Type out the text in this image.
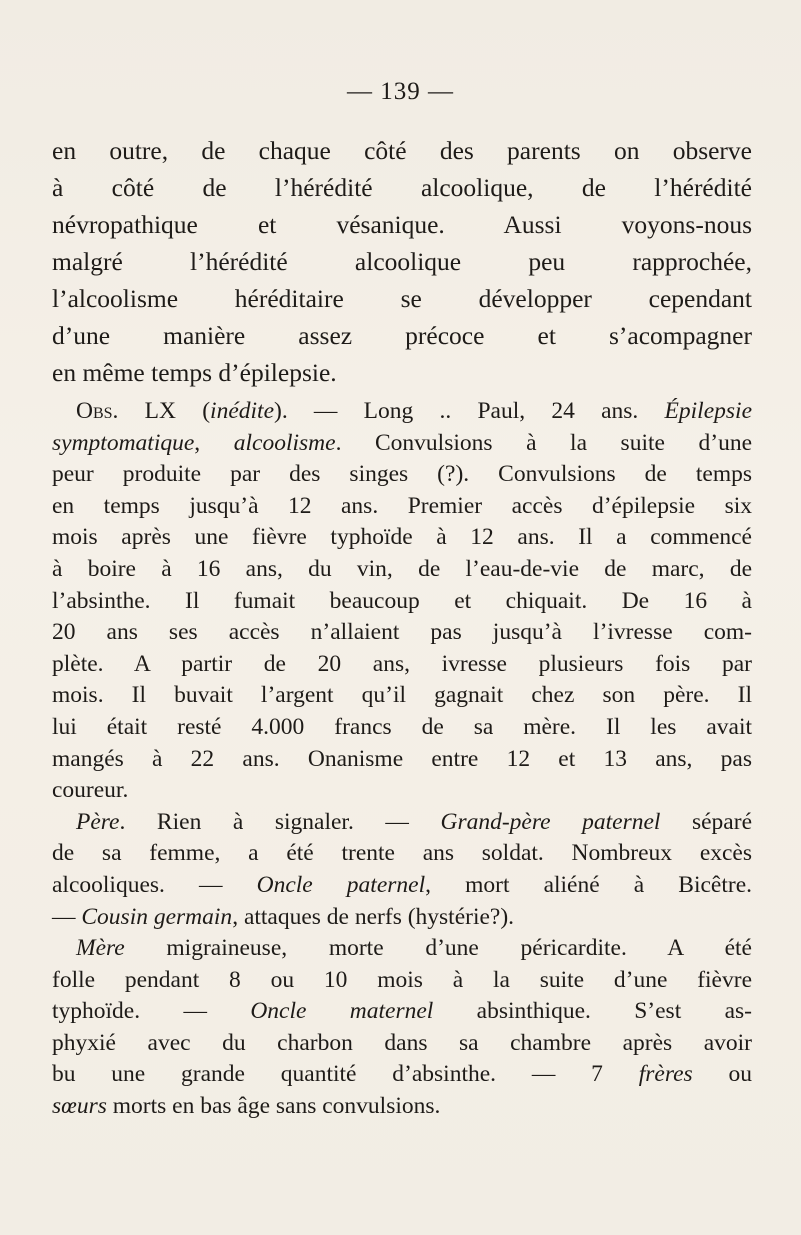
— 139 —
en outre, de chaque côté des parents on observe
à côté de l’hérédité alcoolique, de l’hérédité
névropathique et vésanique. Aussi voyons-nous
malgré l’hérédité alcoolique peu rapprochée,
l’alcoolisme héréditaire se développer cependant
d’une manière assez précoce et s’acompagner
en même temps d’épilepsie.
Obs. LX (inédite). — Long .. Paul, 24 ans. Épilepsie
symptomatique, alcoolisme. Convulsions à la suite d’une
peur produite par des singes (?). Convulsions de temps
en temps jusqu’à 12 ans. Premier accès d’épilepsie six
mois après une fièvre typhoïde à 12 ans. Il a commencé
à boire à 16 ans, du vin, de l’eau-de-vie de marc, de
l’absinthe. Il fumait beaucoup et chiquait. De 16 à
20 ans ses accès n’allaient pas jusqu’à l’ivresse com-
plète. A partir de 20 ans, ivresse plusieurs fois par
mois. Il buvait l’argent qu’il gagnait chez son père. Il
lui était resté 4.000 francs de sa mère. Il les avait
mangés à 22 ans. Onanisme entre 12 et 13 ans, pas
coureur.
Père. Rien à signaler. — Grand-père paternel séparé
de sa femme, a été trente ans soldat. Nombreux excès
alcooliques. — Oncle paternel, mort aliéné à Bicêtre.
— Cousin germain, attaques de nerfs (hystérie?).
Mère migraineuse, morte d’une péricardite. A été
folle pendant 8 ou 10 mois à la suite d’une fièvre
typhoïde. — Oncle maternel absinthique. S’est as-
phyxié avec du charbon dans sa chambre après avoir
bu une grande quantité d’absinthe. — 7 frères ou
sœurs morts en bas âge sans convulsions.
